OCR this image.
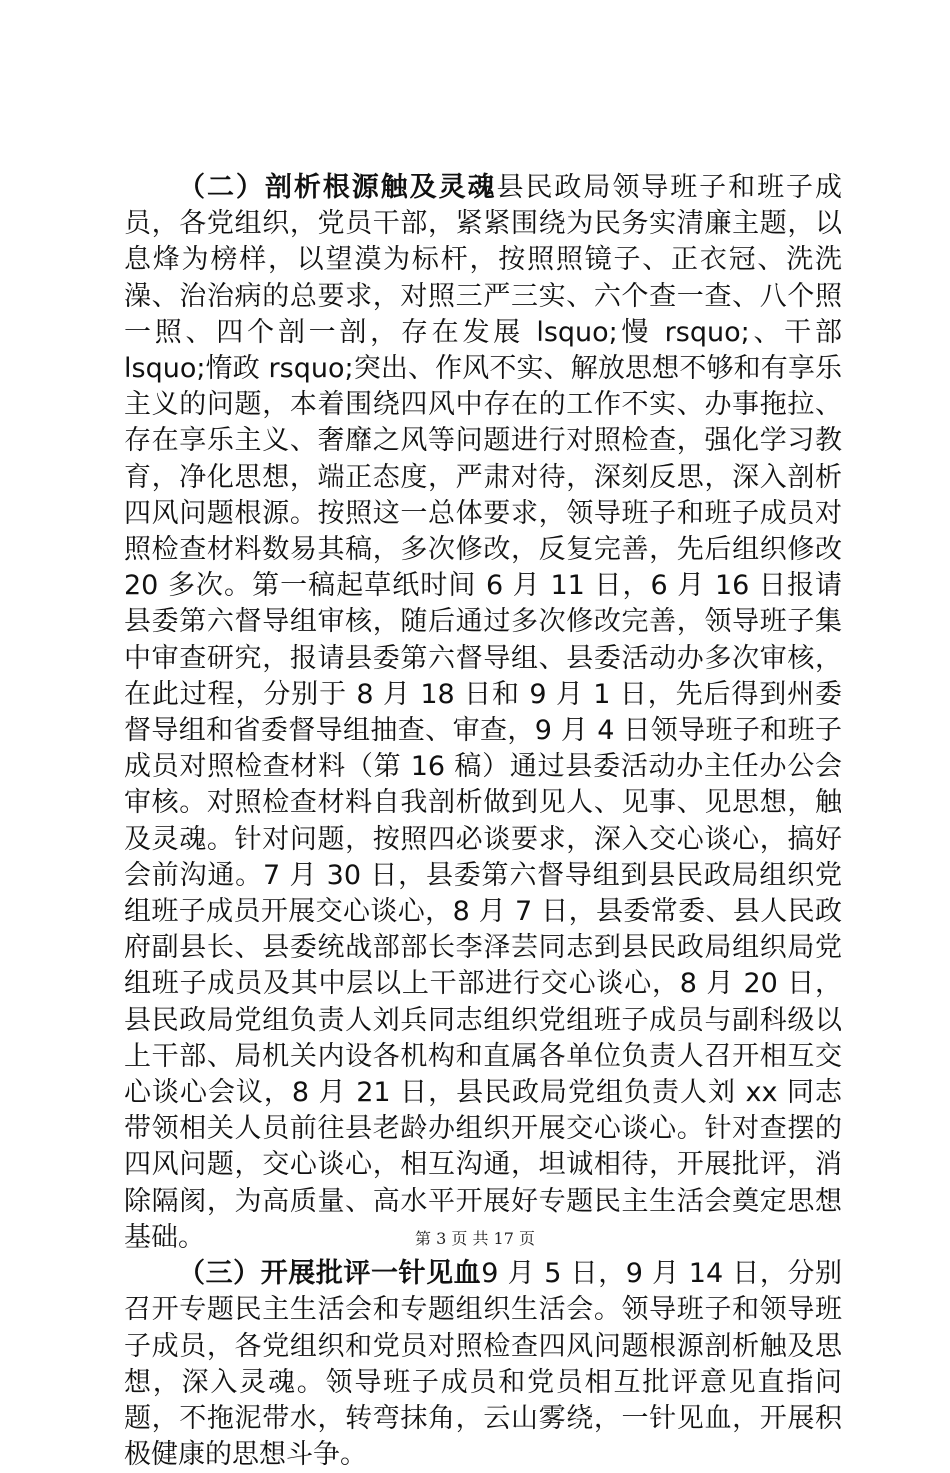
（二）剖析根源触及灵魂县民政局领导班子和班子成员，各党组织，党员干部，紧紧围绕为民务实清廉主题，以息烽为榜样，以望漠为标杆，按照照镜子、正衣冠、洗洗澡、治治病的总要求，对照三严三实、六个查一查、八个照一照、四个剖一剖，存在发展 lsquo;慢 rsquo;、干部 lsquo;惰政 rsquo;突出、作风不实、解放思想不够和有享乐主义的问题，本着围绕四风中存在的工作不实、办事拖拉、存在享乐主义、奢靡之风等问题进行对照检查，强化学习教育，净化思想，端正态度，严肃对待，深刻反思，深入剖析四风问题根源。按照这一总体要求，领导班子和班子成员对照检查材料数易其稿，多次修改，反复完善，先后组织修改 20 多次。第一稿起草纸时间 6 月 11 日，6 月 16 日报请县委第六督导组审核，随后通过多次修改完善，领导班子集中审查研究，报请县委第六督导组、县委活动办多次审核，在此过程，分别于 8 月 18 日和 9 月 1 日，先后得到州委督导组和省委督导组抽查、审查，9 月 4 日领导班子和班子成员对照检查材料（第 16 稿）通过县委活动办主任办公会审核。对照检查材料自我剖析做到见人、见事、见思想，触及灵魂。针对问题，按照四必谈要求，深入交心谈心，搞好会前沟通。7 月 30 日，县委第六督导组到县民政局组织党组班子成员开展交心谈心，8 月 7 日，县委常委、县人民政府副县长、县委统战部部长李泽芸同志到县民政局组织局党组班子成员及其中层以上干部进行交心谈心，8 月 20 日，县民政局党组负责人刘兵同志组织党组班子成员与副科级以上干部、局机关内设各机构和直属各单位负责人召开相互交心谈心会议，8 月 21 日，县民政局党组负责人刘 xx 同志带领相关人员前往县老龄办组织开展交心谈心。针对查摆的四风问题，交心谈心，相互沟通，坦诚相待，开展批评，消除隔阂，为高质量、高水平开展好专题民主生活会奠定思想基础。

（三）开展批评一针见血9 月 5 日，9 月 14 日，分别召开专题民主生活会和专题组织生活会。领导班子和领导班子成员，各党组织和党员对照检查四风问题根源剖析触及思想，深入灵魂。领导班子成员和党员相互批评意见直指问题，不拖泥带水，转弯抹角，云山雾绕，一针见血，开展积极健康的思想斗争。

第 3 页 共 17 页
